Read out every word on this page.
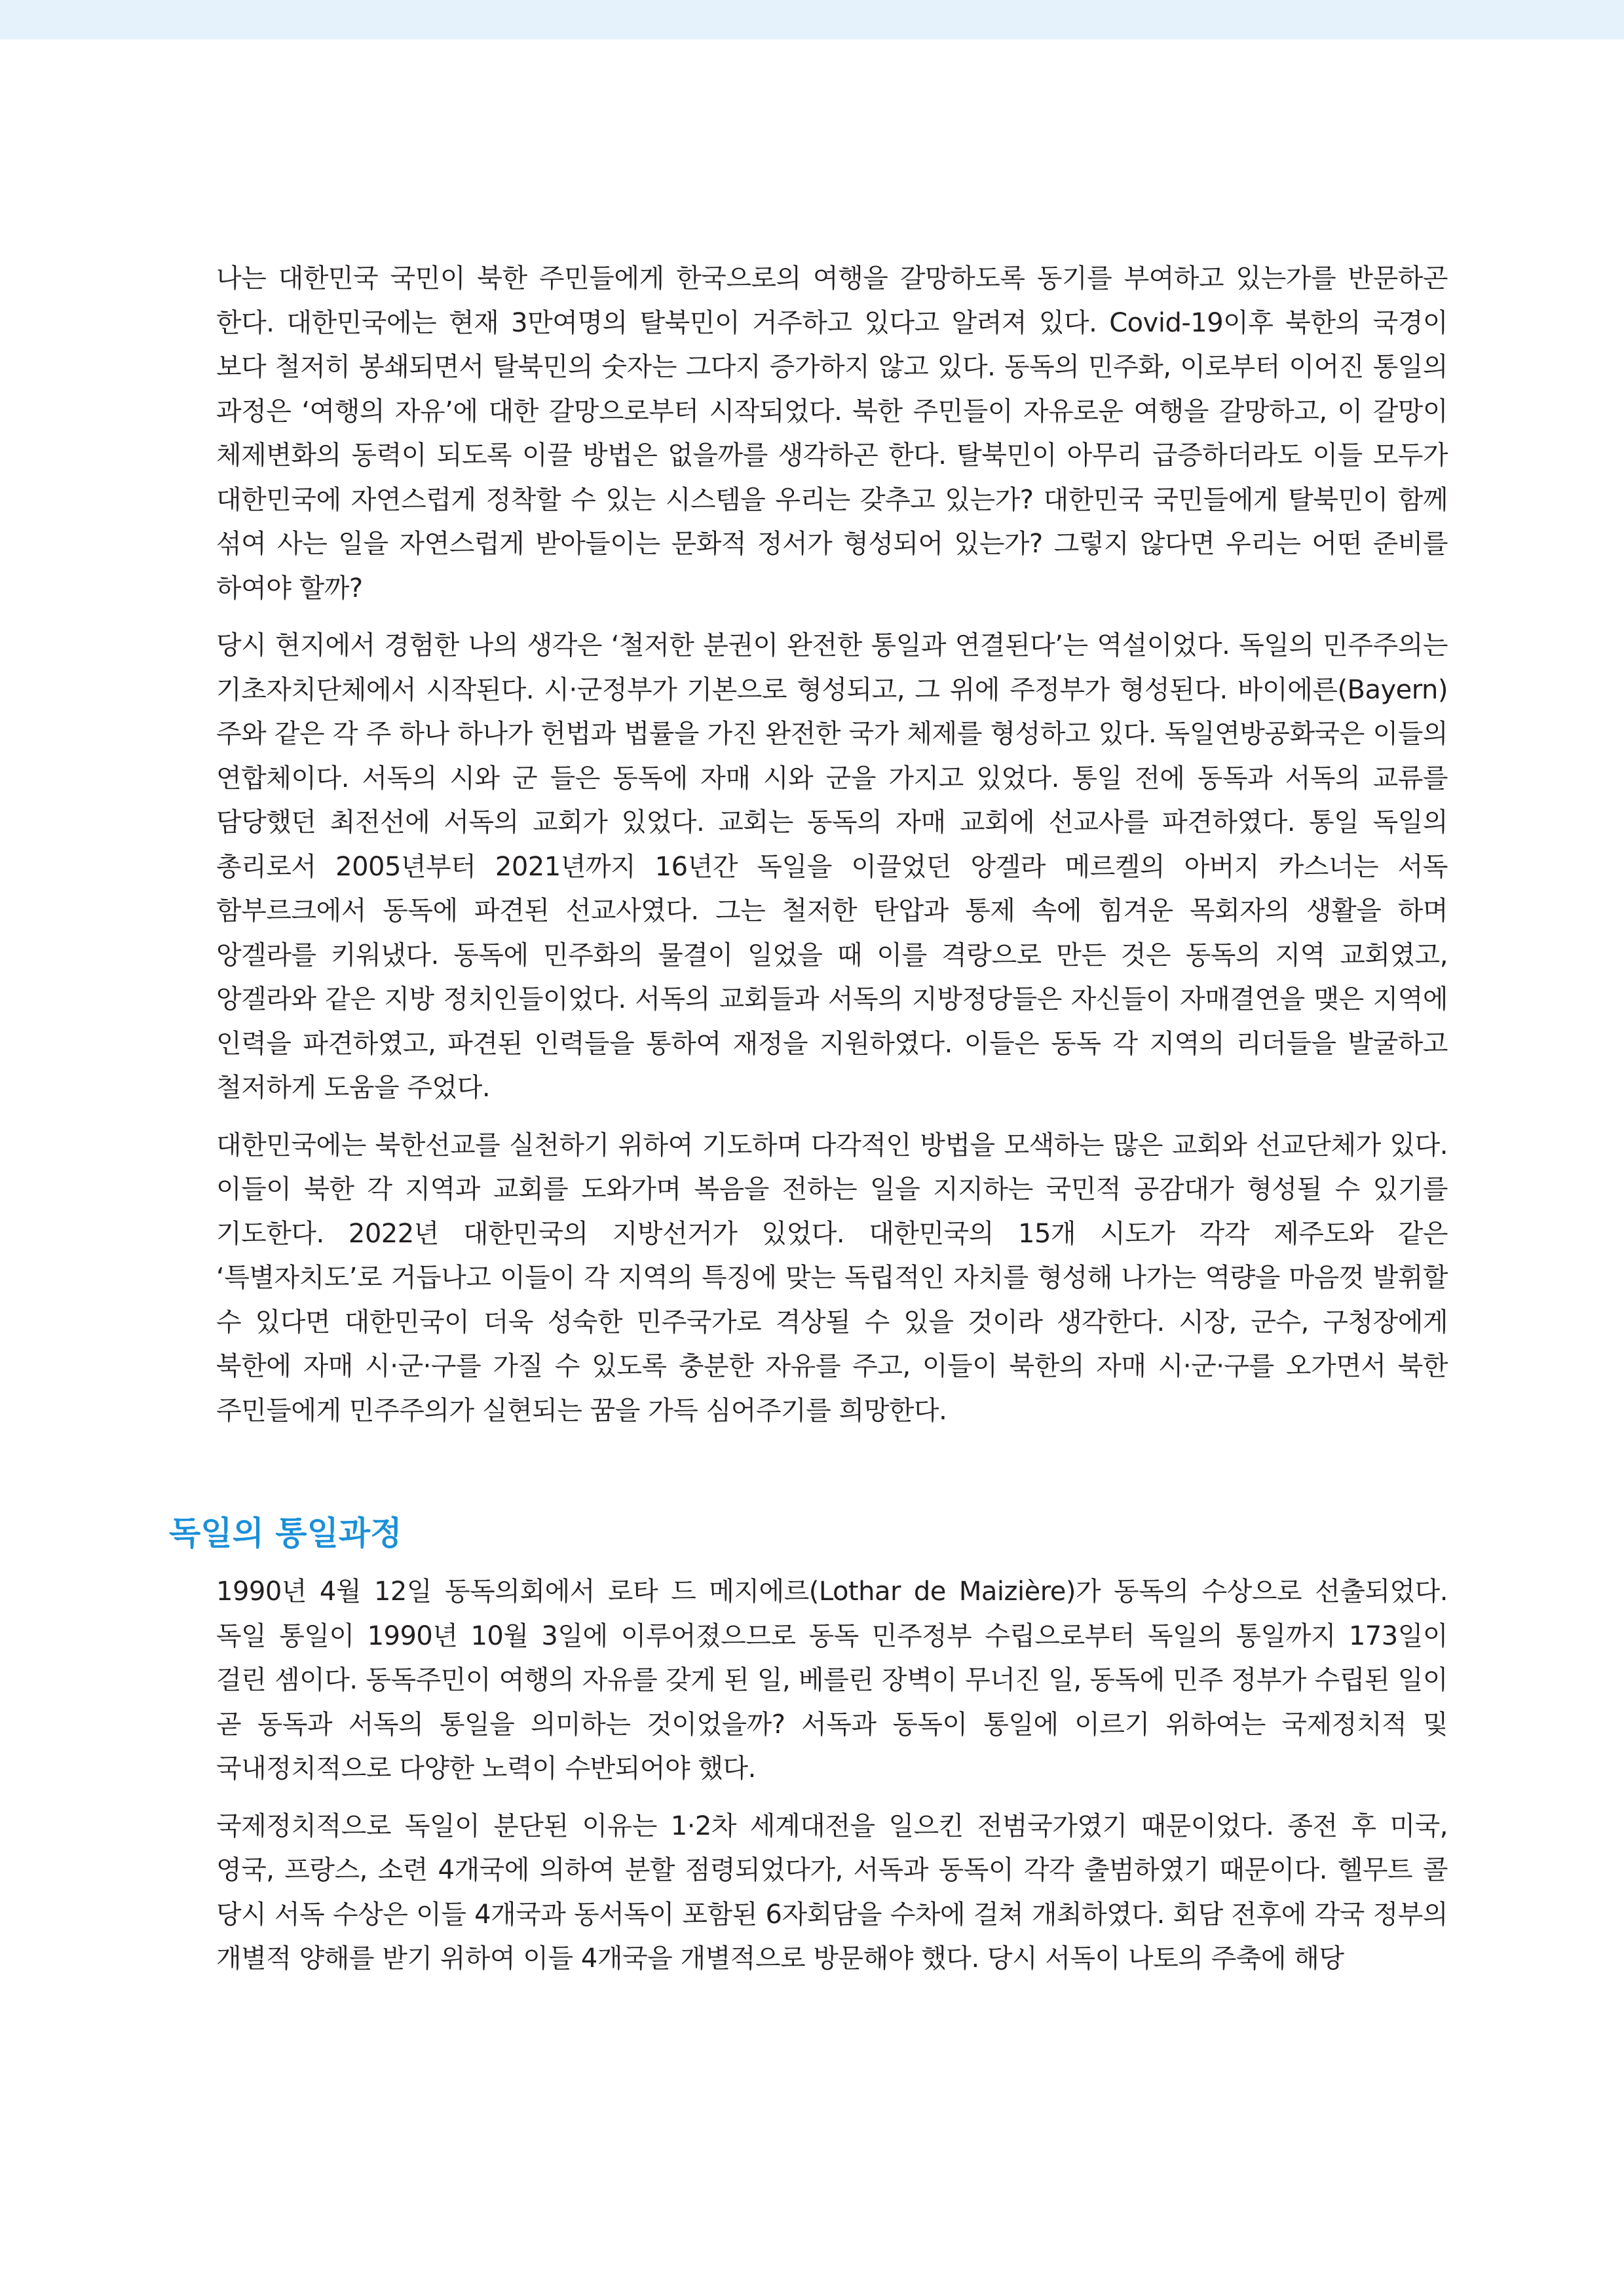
나는 대한민국 국민이 북한 주민들에게 한국으로의 여행을 갈망하도록 동기를 부여하고 있는가를 반문하곤 한다. 대한민국에는 현재 3만여명의 탈북민이 거주하고 있다고 알려져 있다. Covid-19이후 북한의 국경이 보다 철저히 봉쇄되면서 탈북민의 숫자는 그다지 증가하지 않고 있다. 동독의 민주화, 이로부터 이어진 통일의 과정은 ‘여행의 자유’에 대한 갈망으로부터 시작되었다. 북한 주민들이 자유로운 여행을 갈망하고, 이 갈망이 체제변화의 동력이 되도록 이끌 방법은 없을까를 생각하곤 한다. 탈북민이 아무리 급증하더라도 이들 모두가 대한민국에 자연스럽게 정착할 수 있는 시스템을 우리는 갖추고 있는가? 대한민국 국민들에게 탈북민이 함께 섞여 사는 일을 자연스럽게 받아들이는 문화적 정서가 형성되어 있는가? 그렇지 않다면 우리는 어떤 준비를 하여야 할까?

당시 현지에서 경험한 나의 생각은 ‘철저한 분권이 완전한 통일과 연결된다’는 역설이었다. 독일의 민주주의는 기초자치단체에서 시작된다. 시·군정부가 기본으로 형성되고, 그 위에 주정부가 형성된다. 바이에른(Bayern)주와 같은 각 주 하나 하나가 헌법과 법률을 가진 완전한 국가 체제를 형성하고 있다. 독일연방공화국은 이들의 연합체이다. 서독의 시와 군 들은 동독에 자매 시와 군을 가지고 있었다. 통일 전에 동독과 서독의 교류를 담당했던 최전선에 서독의 교회가 있었다. 교회는 동독의 자매 교회에 선교사를 파견하였다. 통일 독일의 총리로서 2005년부터 2021년까지 16년간 독일을 이끌었던 앙겔라 메르켈의 아버지 카스너는 서독 함부르크에서 동독에 파견된 선교사였다. 그는 철저한 탄압과 통제 속에 힘겨운 목회자의 생활을 하며 앙겔라를 키워냈다. 동독에 민주화의 물결이 일었을 때 이를 격랑으로 만든 것은 동독의 지역 교회였고, 앙겔라와 같은 지방 정치인들이었다. 서독의 교회들과 서독의 지방정당들은 자신들이 자매결연을 맺은 지역에 인력을 파견하였고, 파견된 인력들을 통하여 재정을 지원하였다. 이들은 동독 각 지역의 리더들을 발굴하고 철저하게 도움을 주었다.

대한민국에는 북한선교를 실천하기 위하여 기도하며 다각적인 방법을 모색하는 많은 교회와 선교단체가 있다. 이들이 북한 각 지역과 교회를 도와가며 복음을 전하는 일을 지지하는 국민적 공감대가 형성될 수 있기를 기도한다. 2022년 대한민국의 지방선거가 있었다. 대한민국의 15개 시도가 각각 제주도와 같은 ‘특별자치도’로 거듭나고 이들이 각 지역의 특징에 맞는 독립적인 자치를 형성해 나가는 역량을 마음껏 발휘할 수 있다면 대한민국이 더욱 성숙한 민주국가로 격상될 수 있을 것이라 생각한다. 시장, 군수, 구청장에게 북한에 자매 시·군·구를 가질 수 있도록 충분한 자유를 주고, 이들이 북한의 자매 시·군·구를 오가면서 북한 주민들에게 민주주의가 실현되는 꿈을 가득 심어주기를 희망한다.

독일의 통일과정

1990년 4월 12일 동독의회에서 로타 드 메지에르(Lothar de Maizière)가 동독의 수상으로 선출되었다. 독일 통일이 1990년 10월 3일에 이루어졌으므로 동독 민주정부 수립으로부터 독일의 통일까지 173일이 걸린 셈이다. 동독주민이 여행의 자유를 갖게 된 일, 베를린 장벽이 무너진 일, 동독에 민주 정부가 수립된 일이 곧 동독과 서독의 통일을 의미하는 것이었을까? 서독과 동독이 통일에 이르기 위하여는 국제정치적 및 국내정치적으로 다양한 노력이 수반되어야 했다.

국제정치적으로 독일이 분단된 이유는 1·2차 세계대전을 일으킨 전범국가였기 때문이었다. 종전 후 미국, 영국, 프랑스, 소련 4개국에 의하여 분할 점령되었다가, 서독과 동독이 각각 출범하였기 때문이다. 헬무트 콜 당시 서독 수상은 이들 4개국과 동서독이 포함된 6자회담을 수차에 걸쳐 개최하였다. 회담 전후에 각국 정부의 개별적 양해를 받기 위하여 이들 4개국을 개별적으로 방문해야 했다. 당시 서독이 나토의 주축에 해당
